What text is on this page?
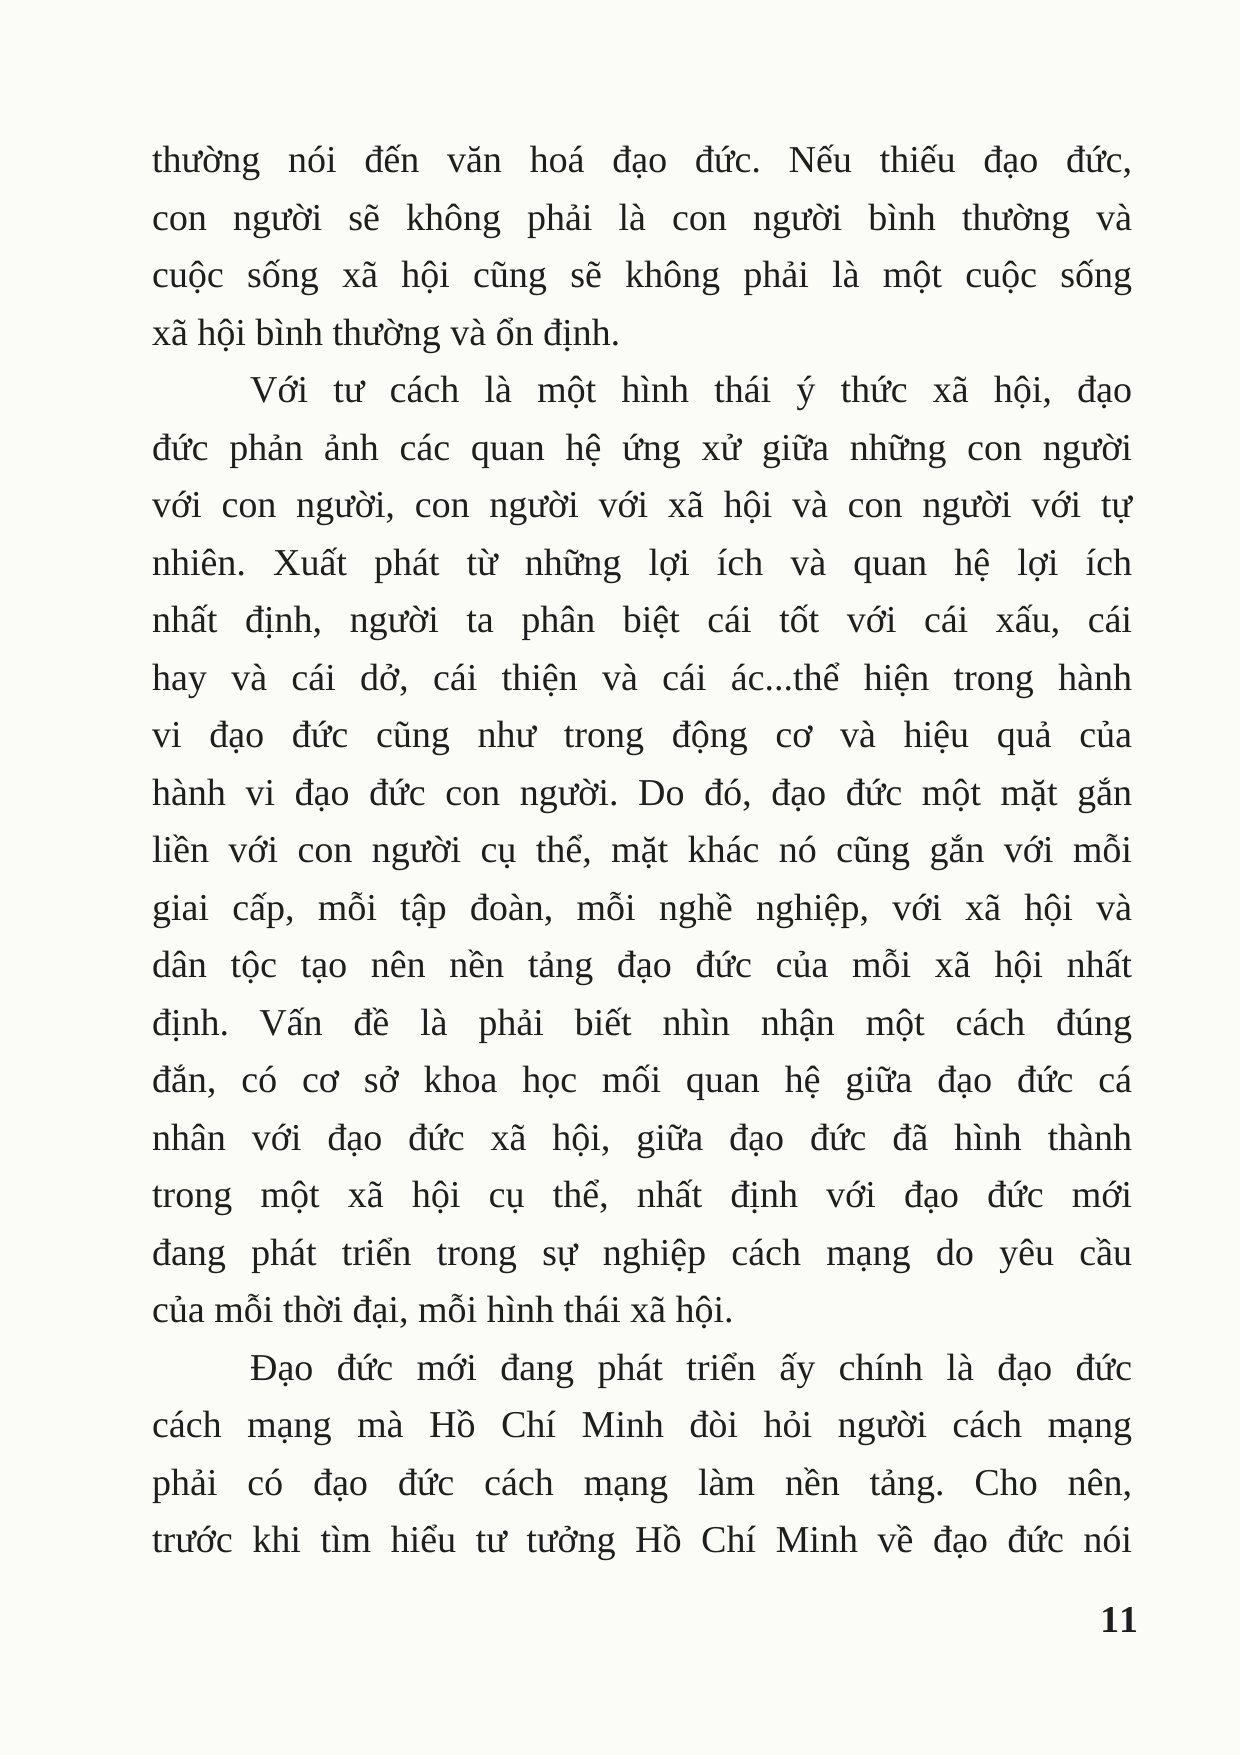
thường nói đến văn hoá đạo đức. Nếu thiếu đạo đức,
con người sẽ không phải là con người bình thường và
cuộc sống xã hội cũng sẽ không phải là một cuộc sống
xã hội bình thường và ổn định.
Với tư cách là một hình thái ý thức xã hội, đạo
đức phản ảnh các quan hệ ứng xử giữa những con người
với con người, con người với xã hội và con người với tự
nhiên. Xuất phát từ những lợi ích và quan hệ lợi ích
nhất định, người ta phân biệt cái tốt với cái xấu, cái
hay và cái dở, cái thiện và cái ác...thể hiện trong hành
vi đạo đức cũng như trong động cơ và hiệu quả của
hành vi đạo đức con người. Do đó, đạo đức một mặt gắn
liền với con người cụ thể, mặt khác nó cũng gắn với mỗi
giai cấp, mỗi tập đoàn, mỗi nghề nghiệp, với xã hội và
dân tộc tạo nên nền tảng đạo đức của mỗi xã hội nhất
định. Vấn đề là phải biết nhìn nhận một cách đúng
đắn, có cơ sở khoa học mối quan hệ giữa đạo đức cá
nhân với đạo đức xã hội, giữa đạo đức đã hình thành
trong một xã hội cụ thể, nhất định với đạo đức mới
đang phát triển trong sự nghiệp cách mạng do yêu cầu
của mỗi thời đại, mỗi hình thái xã hội.
Đạo đức mới đang phát triển ấy chính là đạo đức
cách mạng mà Hồ Chí Minh đòi hỏi người cách mạng
phải có đạo đức cách mạng làm nền tảng. Cho nên,
trước khi tìm hiểu tư tưởng Hồ Chí Minh về đạo đức nói
11
